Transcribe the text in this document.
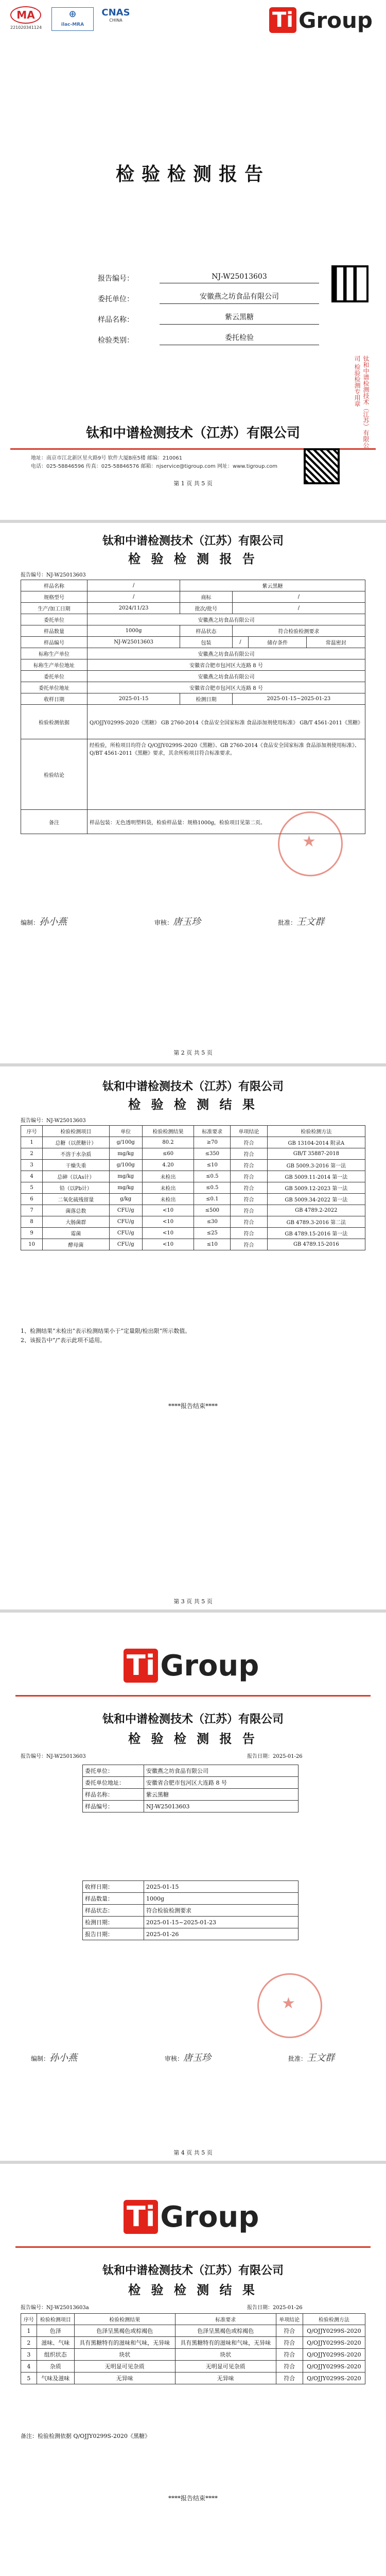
MA
221020341124
⊕
ilac-MRA
CNAS
CHINA	Ti Group
检验检测报告
报告编号：	NJ-W25013603
委托单位：	安徽燕之坊食品有限公司
样品名称：	紫云黑糖
检验类别：	委托检验
钛和中谱检测技术（江苏）有限公司 检验检测专用章
钛和中谱检测技术（江苏）有限公司
地址：南京市江北新区星火路9号 软件大厦B座5楼 邮编：210061
电话：025-58846596 传真：025-58846576 邮箱：njservice@tigroup.com 网址：www.tigroup.com
第 1 页 共 5 页
钛和中谱检测技术（江苏）有限公司
检 验 检 测 报 告
报告编号：NJ-W25013603
样品名称	/	紫云黑糖			
规格型号	/	商标	/		
生产/加工日期	2024/11/23	批次/批号	/		
委托单位	安徽燕之坊食品有限公司				
样品数量	1000g	样品状态	符合检验检测要求		
样品编号	NJ-W25013603	包装	/	储存条件	常温密封
标称生产单位	安徽燕之坊食品有限公司				
标称生产单位地址	安徽省合肥市包河区大连路 8 号				
委托单位	安徽燕之坊食品有限公司				
委托单位地址	安徽省合肥市包河区大连路 8 号				
收样日期	2025-01-15	检测日期	2025-01-15~2025-01-23		
检验检测依据	Q/OJJY0299S-2020《黑糖》 GB 2760-2014《食品安全国家标准 食品添加剂使用标准》 GB/T 4561-2011《黑糖》				
检验结论	经检验，所检项目均符合 Q/OJJY0299S-2020《黑糖》、GB 2760-2014《食品安全国家标准 食品添加剂使用标准》、Q/BT 4561-2011《黑糖》要求，其余所检项目符合标准要求。				
备注	样品包装：无色透明塑料袋，检验样品量：规格1000g，检验项目见第二页。				
★
编制：孙小燕	审核：唐玉珍	批准：王文群
第 2 页 共 5 页
钛和中谱检测技术（江苏）有限公司
检 验 检 测 结 果
报告编号：NJ-W25013603
序号	检验检测项目	单位	检验检测结果	标准要求	单项结论	检验检测方法
1	总糖（以蔗糖计）	g/100g	80.2	≥70	符合	GB 13104-2014 附录A
2	不溶于水杂质	mg/kg	≤60	≤350	符合	GB/T 35887-2018
3	干燥失重	g/100g	4.20	≤10	符合	GB 5009.3-2016 第一法
4	总砷（以As计）	mg/kg	未检出	≤0.5	符合	GB 5009.11-2014 第一法
5	铅（以Pb计）	mg/kg	未检出	≤0.5	符合	GB 5009.12-2023 第一法
6	二氧化硫残留量	g/kg	未检出	≤0.1	符合	GB 5009.34-2022 第一法
7	菌落总数	CFU/g	<10	≤500	符合	GB 4789.2-2022
8	大肠菌群	CFU/g	<10	≤30	符合	GB 4789.3-2016 第二法
9	霉菌	CFU/g	<10	≤25	符合	GB 4789.15-2016 第一法
10	酵母菌	CFU/g	<10	≤10	符合	GB 4789.15-2016
1、检测结果”未检出”表示检测结果小于”定量限/检出限”所示数值。
2、该报告中”/”表示此项不适用。
****报告结束****
第 3 页 共 5 页
Ti Group
钛和中谱检测技术（江苏）有限公司
检 验 检 测 报 告
报告编号：NJ-W25013603	报告日期：2025-01-26
委托单位：	安徽燕之坊食品有限公司
委托单位地址：	安徽省合肥市包河区大连路 8 号
样品名称：	紫云黑糖
样品编号：	NJ-W25013603
收样日期：	2025-01-15
样品数量：	1000g
样品状态：	符合检验检测要求
检测日期：	2025-01-15~2025-01-23
报告日期：	2025-01-26
★
编制：孙小燕	审核：唐玉珍	批准：王文群
第 4 页 共 5 页
Ti Group
钛和中谱检测技术（江苏）有限公司
检 验 检 测 结 果
报告编号：NJ-W25013603a	报告日期：2025-01-26
序号	检验检测项目	检验检测结果	标准要求	单项结论	检验检测方法
1	色泽	色泽呈黑褐色或棕褐色	色泽呈黑褐色或棕褐色	符合	Q/OJJY0299S-2020
2	滋味、气味	具有黑糖特有的滋味和气味，无异味	具有黑糖特有的滋味和气味，无异味	符合	Q/OJJY0299S-2020
3	组织状态	块状	块状	符合	Q/OJJY0299S-2020
4	杂质	无明显可见杂质	无明显可见杂质	符合	Q/OJJY0299S-2020
5	气味及滋味	无异味	无异味	符合	Q/OJJY0299S-2020
备注：检验检测依据 Q/OJJY0299S-2020《黑糖》
****报告结束****
